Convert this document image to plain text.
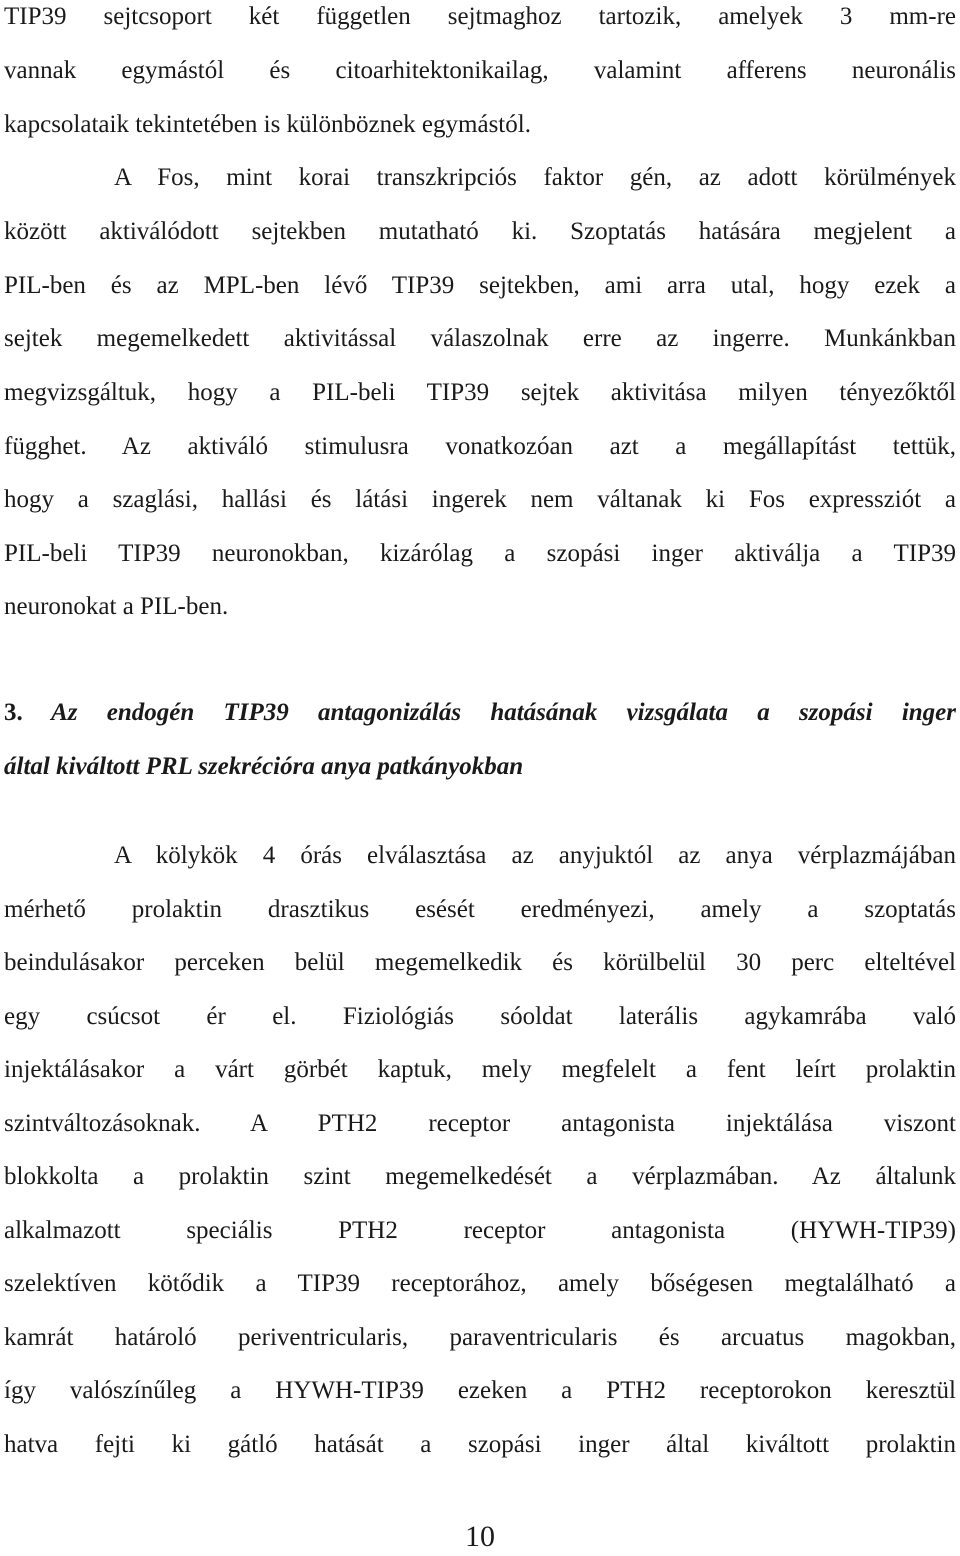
TIP39 sejtcsoport két független sejtmaghoz tartozik, amelyek 3 mm-re
vannak egymástól és citoarhitektonikailag, valamint afferens neuronális
kapcsolataik tekintetében is különböznek egymástól.
A Fos, mint korai transzkripciós faktor gén, az adott körülmények
között aktiválódott sejtekben mutatható ki. Szoptatás hatására megjelent a
PIL-ben és az MPL-ben lévő TIP39 sejtekben, ami arra utal, hogy ezek a
sejtek megemelkedett aktivitással válaszolnak erre az ingerre. Munkánkban
megvizsgáltuk, hogy a PIL-beli TIP39 sejtek aktivitása milyen tényezőktől
függhet. Az aktiváló stimulusra vonatkozóan azt a megállapítást tettük,
hogy a szaglási, hallási és látási ingerek nem váltanak ki Fos expressziót a
PIL-beli TIP39 neuronokban, kizárólag a szopási inger aktiválja a TIP39
neuronokat a PIL-ben.
3. Az endogén TIP39 antagonizálás hatásának vizsgálata a szopási inger
által kiváltott PRL szekrécióra anya patkányokban
A kölykök 4 órás elválasztása az anyjuktól az anya vérplazmájában
mérhető prolaktin drasztikus esését eredményezi, amely a szoptatás
beindulásakor perceken belül megemelkedik és körülbelül 30 perc elteltével
egy csúcsot ér el. Fiziológiás sóoldat laterális agykamrába való
injektálásakor a várt görbét kaptuk, mely megfelelt a fent leírt prolaktin
szintváltozásoknak. A PTH2 receptor antagonista injektálása viszont
blokkolta a prolaktin szint megemelkedését a vérplazmában. Az általunk
alkalmazott speciális PTH2 receptor antagonista (HYWH-TIP39)
szelektíven kötődik a TIP39 receptorához, amely bőségesen megtalálható a
kamrát határoló periventricularis, paraventricularis és arcuatus magokban,
így valószínűleg a HYWH-TIP39 ezeken a PTH2 receptorokon keresztül
hatva fejti ki gátló hatását a szopási inger által kiváltott prolaktin
10
